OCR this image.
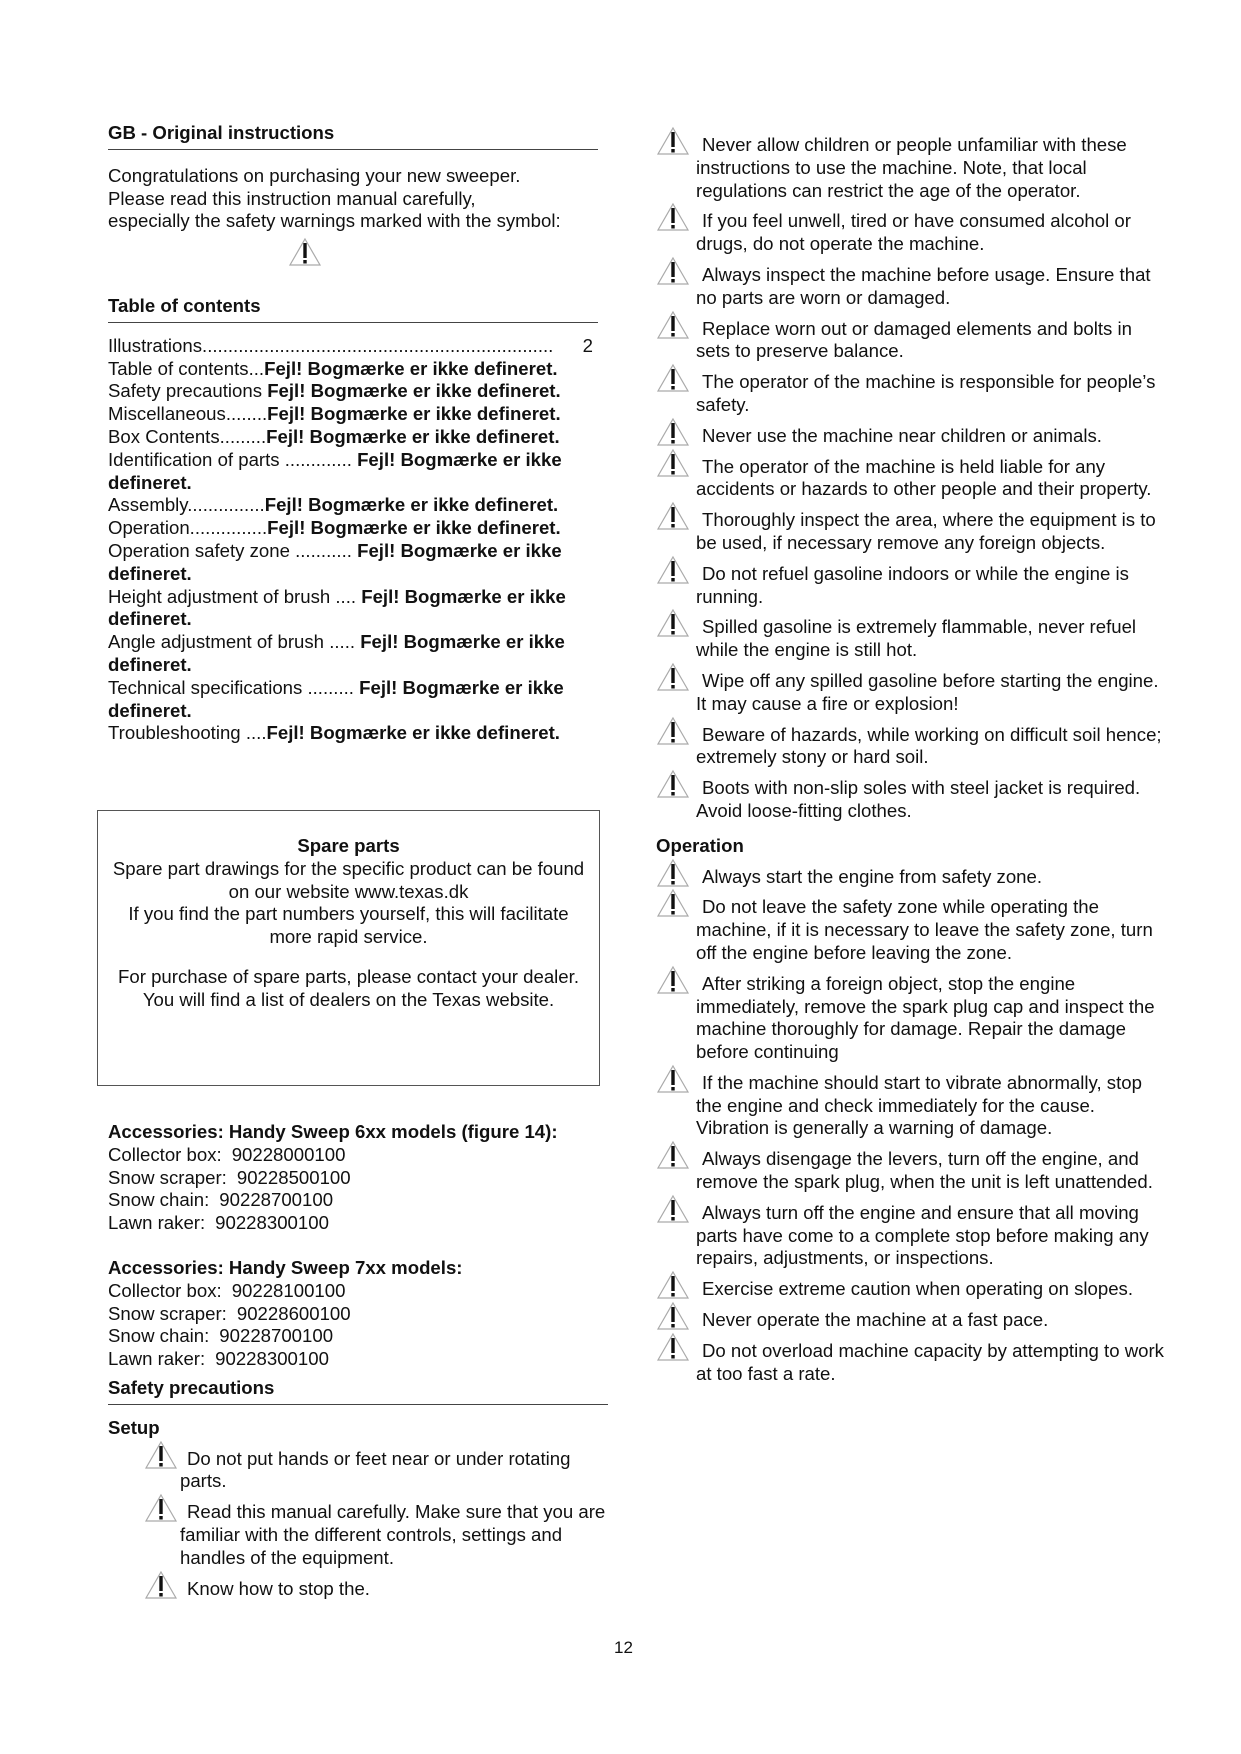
GB - Original instructions

Congratulations on purchasing your new sweeper.

Please read this instruction manual carefully,

especially the safety warnings marked with the symbol:

Table of contents
Illustrations ....................................................................	2
Table of contents...Fejl! Bogmærke er ikke defineret.
Safety precautions Fejl! Bogmærke er ikke defineret.
Miscellaneous........Fejl! Bogmærke er ikke defineret.
Box Contents.........Fejl! Bogmærke er ikke defineret.
Identification of parts ............. Fejl! Bogmærke er ikke defineret.
Assembly...............Fejl! Bogmærke er ikke defineret.
Operation...............Fejl! Bogmærke er ikke defineret.
Operation safety zone ........... Fejl! Bogmærke er ikke defineret.
Height adjustment of brush .... Fejl! Bogmærke er ikke defineret.
Angle adjustment of brush ..... Fejl! Bogmærke er ikke defineret.
Technical specifications ......... Fejl! Bogmærke er ikke defineret.
Troubleshooting ....Fejl! Bogmærke er ikke defineret.
Spare parts

Spare part drawings for the specific product can be found

on our website www.texas.dk

If you find the part numbers yourself, this will facilitate more rapid service.

For purchase of spare parts, please contact your dealer.

You will find a list of dealers on the Texas website.

Accessories: Handy Sweep 6xx models (figure 14):
Collector box: 90228000100
Snow scraper: 90228500100
Snow chain: 90228700100
Lawn raker: 90228300100
Accessories: Handy Sweep 7xx models:
Collector box: 90228100100
Snow scraper: 90228600100
Snow chain: 90228700100
Lawn raker: 90228300100
Safety precautions
Setup
Do not put hands or feet near or under rotating parts.
Read this manual carefully. Make sure that you are familiar with the different controls, settings and handles of the equipment.
Know how to stop the.
Never allow children or people unfamiliar with these instructions to use the machine. Note, that local regulations can restrict the age of the operator.
If you feel unwell, tired or have consumed alcohol or drugs, do not operate the machine.
Always inspect the machine before usage. Ensure that no parts are worn or damaged.
Replace worn out or damaged elements and bolts in sets to preserve balance.
The operator of the machine is responsible for people’s safety.
Never use the machine near children or animals.
The operator of the machine is held liable for any accidents or hazards to other people and their property.
Thoroughly inspect the area, where the equipment is to be used, if necessary remove any foreign objects.
Do not refuel gasoline indoors or while the engine is running.
Spilled gasoline is extremely flammable, never refuel while the engine is still hot.
Wipe off any spilled gasoline before starting the engine. It may cause a fire or explosion!
Beware of hazards, while working on difficult soil hence; extremely stony or hard soil.
Boots with non-slip soles with steel jacket is required. Avoid loose-fitting clothes.
Operation
Always start the engine from safety zone.
Do not leave the safety zone while operating the machine, if it is necessary to leave the safety zone, turn off the engine before leaving the zone.
After striking a foreign object, stop the engine immediately, remove the spark plug cap and inspect the machine thoroughly for damage. Repair the damage before continuing
If the machine should start to vibrate abnormally, stop the engine and check immediately for the cause. Vibration is generally a warning of damage.
Always disengage the levers, turn off the engine, and remove the spark plug, when the unit is left unattended.
Always turn off the engine and ensure that all moving parts have come to a complete stop before making any repairs, adjustments, or inspections.
Exercise extreme caution when operating on slopes.
Never operate the machine at a fast pace.
Do not overload machine capacity by attempting to work at too fast a rate.
12
